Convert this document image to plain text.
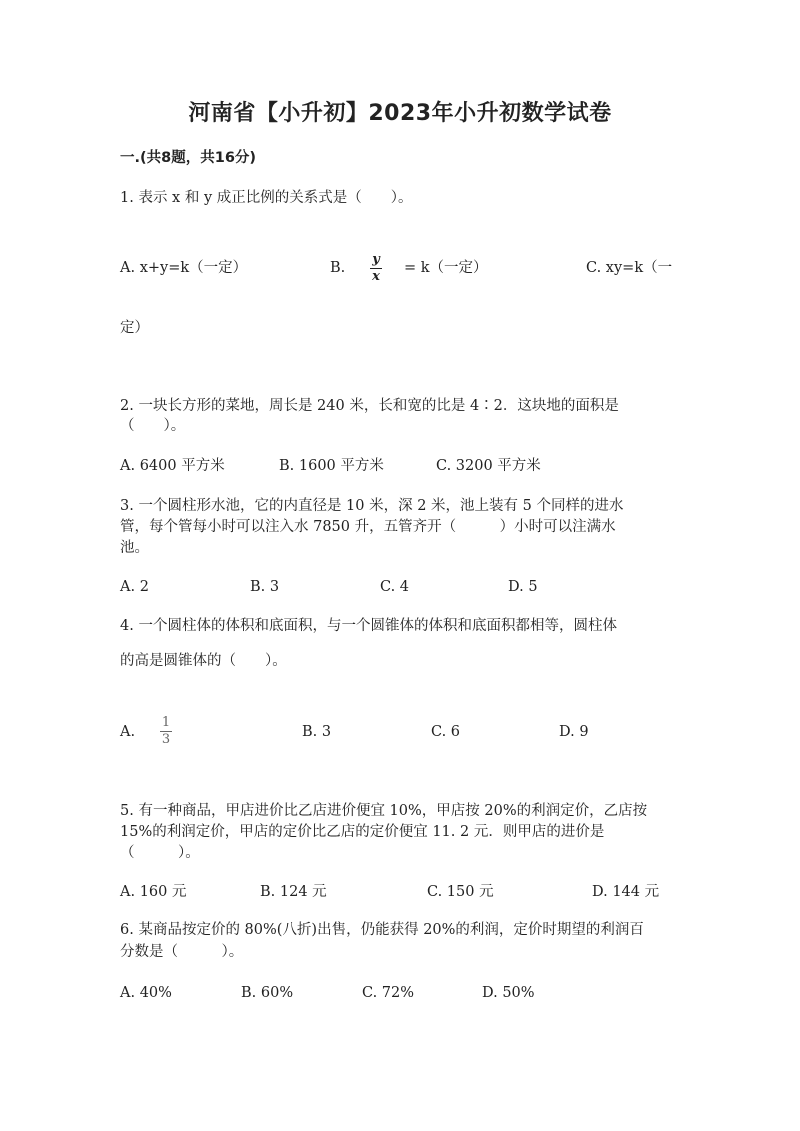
河南省【小升初】2023年小升初数学试卷
一.(共8题，共16分)
1. 表示 x 和 y 成正比例的关系式是（　　）。
A. x+y=k（一定）	B.
y
x
= k（一定）	C. xy=k（一
定）
2. 一块长方形的菜地，周长是 240 米，长和宽的比是 4∶2．这块地的面积是
（　　）。
A. 6400 平方米	B. 1600 平方米	C. 3200 平方米
3. 一个圆柱形水池，它的内直径是 10 米，深 2 米，池上装有 5 个同样的进水
管，每个管每小时可以注入水 7850 升，五管齐开（　　　）小时可以注满水
池。
A. 2	B. 3	C. 4	D. 5
4. 一个圆柱体的体积和底面积，与一个圆锥体的体积和底面积都相等，圆柱体
的高是圆锥体的（　　）。
A.
1
3	B. 3	C. 6	D. 9
5. 有一种商品，甲店进价比乙店进价便宜 10%，甲店按 20%的利润定价，乙店按
15%的利润定价，甲店的定价比乙店的定价便宜 11. 2 元．则甲店的进价是
（　　　）。
A. 160 元	B. 124 元	C. 150 元	D. 144 元
6. 某商品按定价的 80%(八折)出售，仍能获得 20%的利润，定价时期望的利润百
分数是（　　　）。
A. 40%	B. 60%	C. 72%	D. 50%
